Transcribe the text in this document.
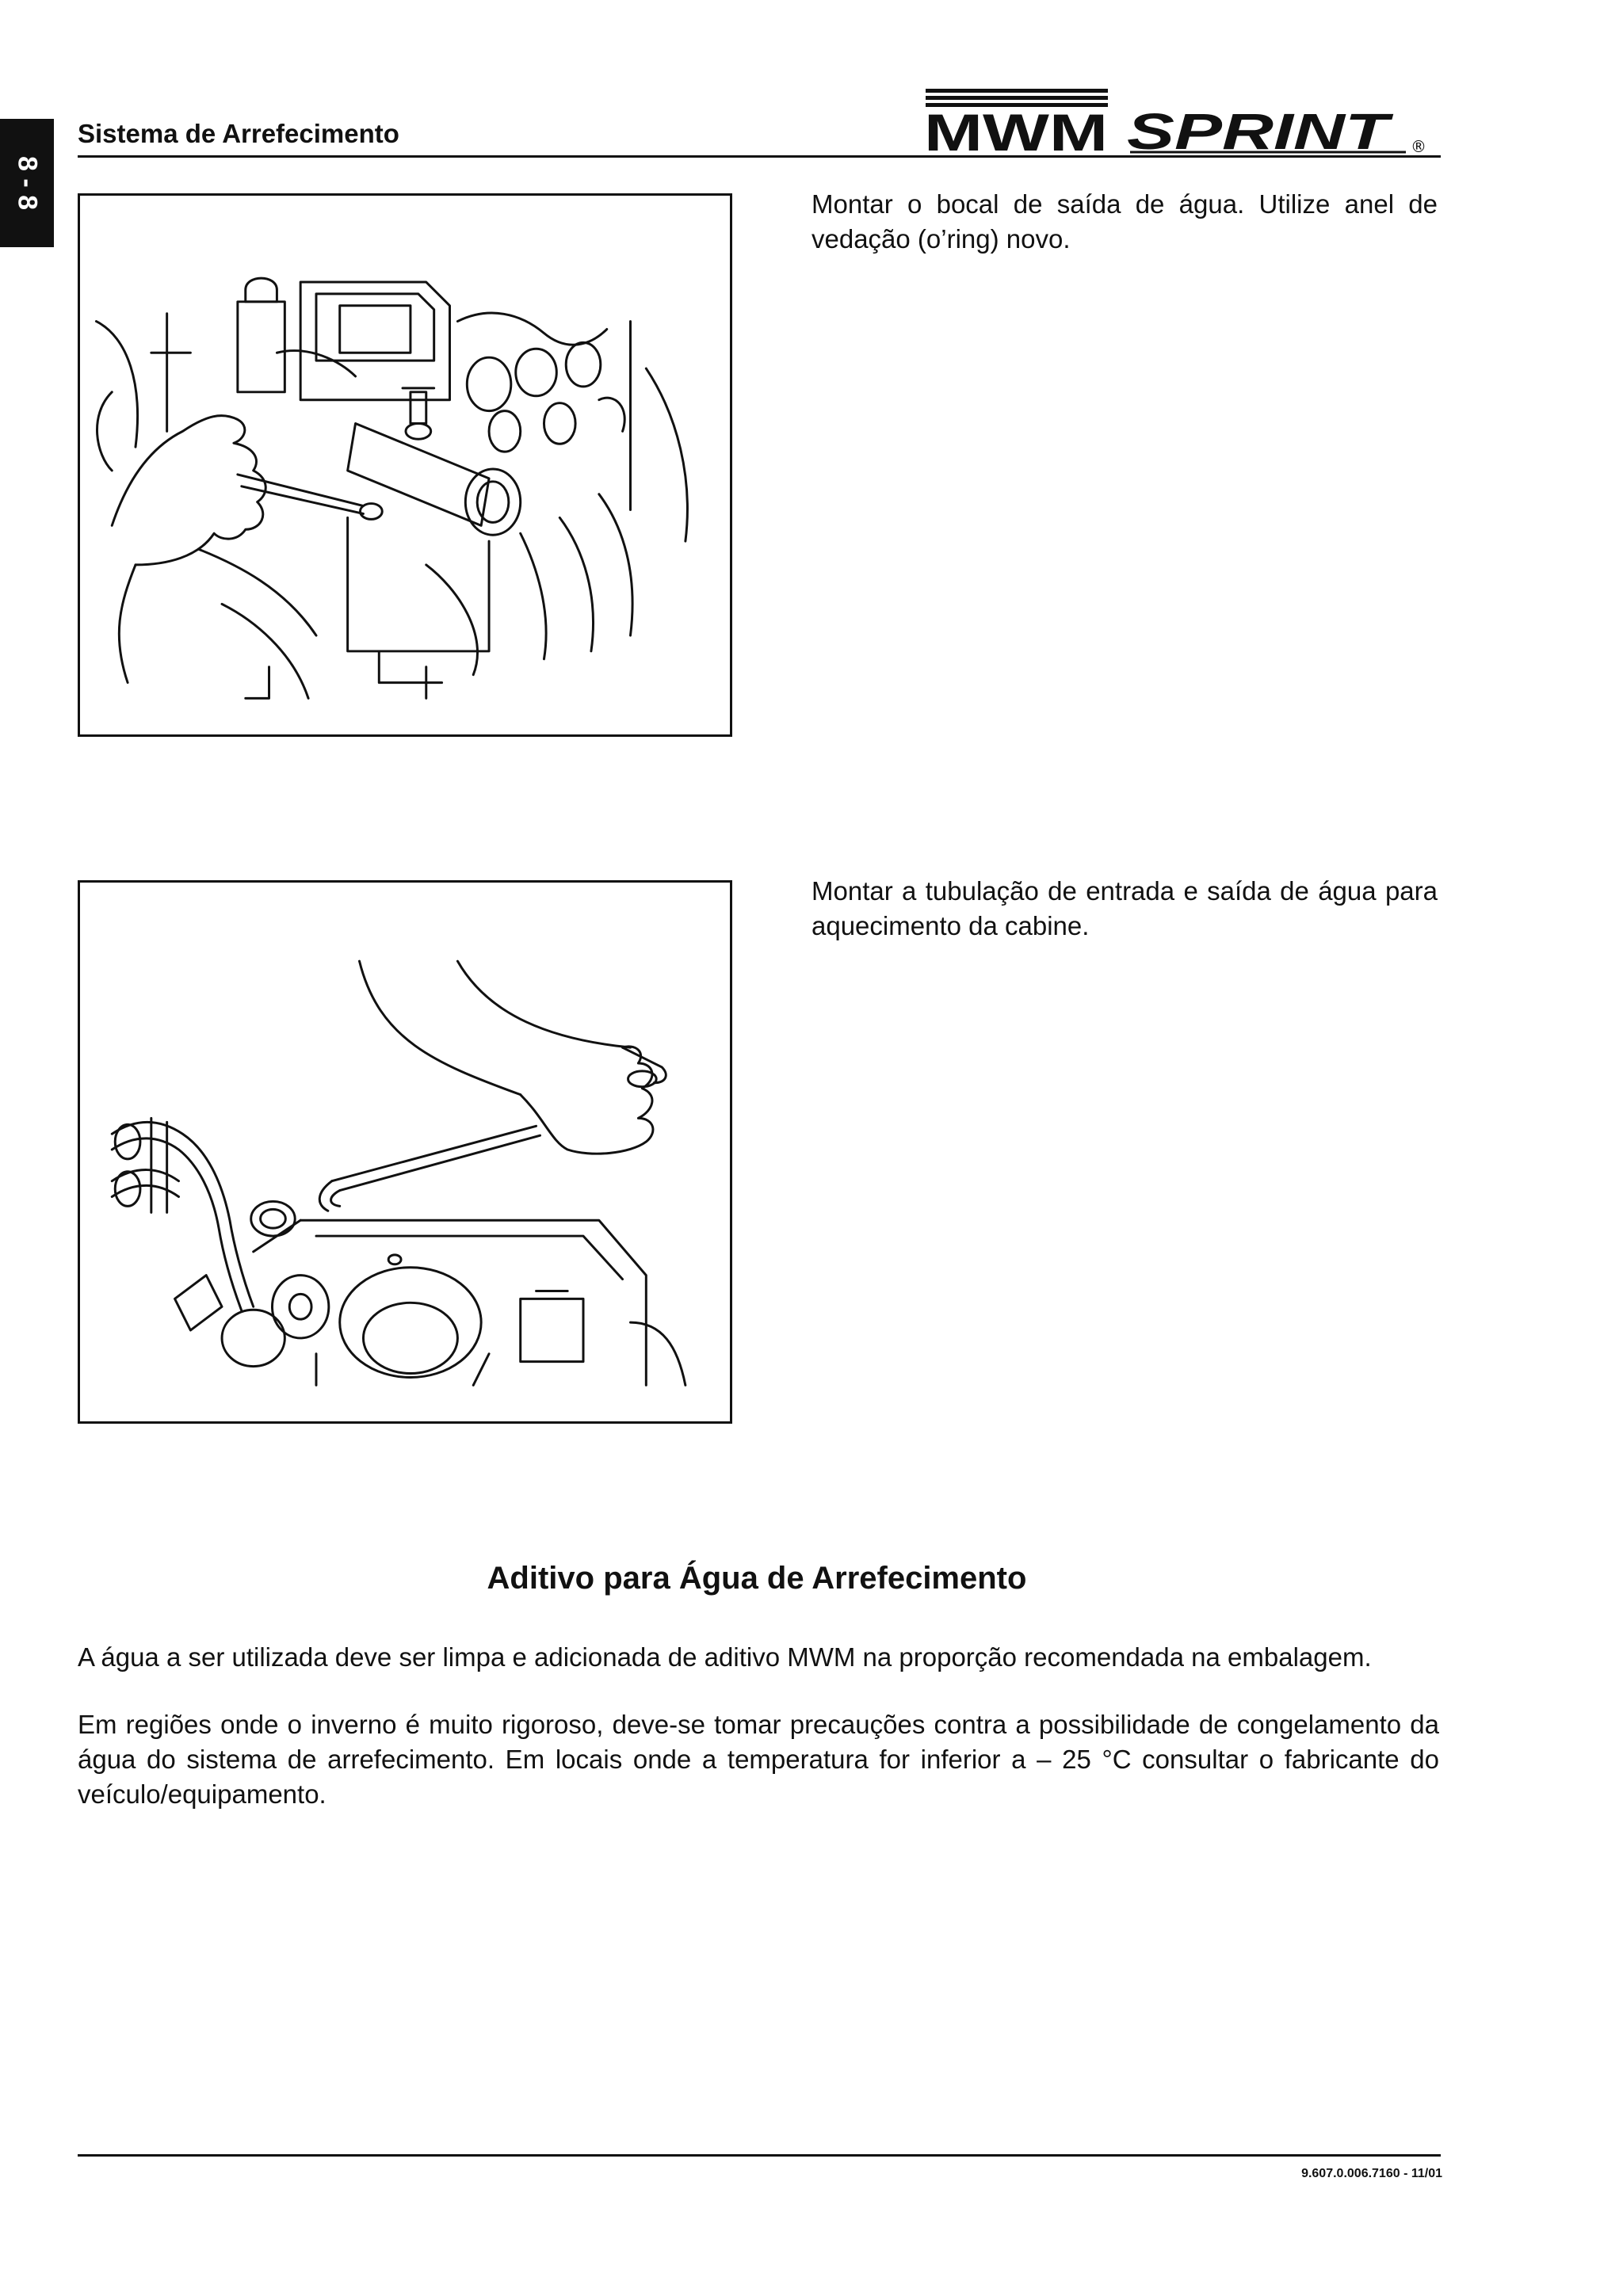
8 - 8
Sistema de Arrefecimento	MWM SPRINT ®

Montar o bocal de saída de água. Utilize anel de vedação (o’ring) novo.

Montar a tubulação de entrada e saída de água para aquecimento da cabine.

Aditivo para Água de Arrefecimento

A água a ser utilizada deve ser limpa e adicionada de aditivo MWM na proporção recomendada na embalagem.

Em regiões onde o inverno é muito rigoroso, deve-se tomar precauções contra a possibilidade de congelamento da água do sistema de arrefecimento. Em locais onde a temperatura for inferior a – 25 °C consultar o fabricante do veículo/equipamento.

9.607.0.006.7160 - 11/01
